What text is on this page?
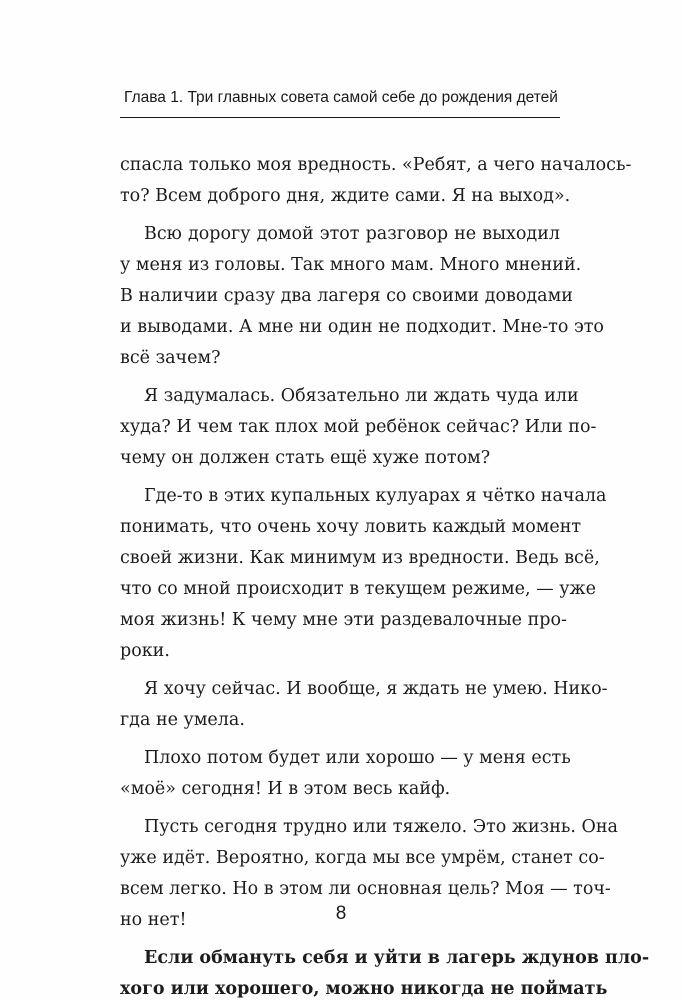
Глава 1. Три главных совета самой себе до рождения детей
спасла только моя вредность. «Ребят, а чего началось-
то? Всем доброго дня, ждите сами. Я на выход».
Всю дорогу домой этот разговор не выходил
у меня из головы. Так много мам. Много мнений.
В наличии сразу два лагеря со своими доводами
и выводами. А мне ни один не подходит. Мне-то это
всё зачем?
Я задумалась. Обязательно ли ждать чуда или
худа? И чем так плох мой ребёнок сейчас? Или по-
чему он должен стать ещё хуже потом?
Где-то в этих купальных кулуарах я чётко начала
понимать, что очень хочу ловить каждый момент
своей жизни. Как минимум из вредности. Ведь всё,
что со мной происходит в текущем режиме, — уже
моя жизнь! К чему мне эти раздевалочные про-
роки.
Я хочу сейчас. И вообще, я ждать не умею. Нико-
гда не умела.
Плохо потом будет или хорошо — у меня есть
«моё» сегодня! И в этом весь кайф.
Пусть сегодня трудно или тяжело. Это жизнь. Она
уже идёт. Вероятно, когда мы все умрём, станет со-
всем легко. Но в этом ли основная цель? Моя — точ-
но нет!
Если обмануть себя и уйти в лагерь ждунов пло-
хого или хорошего, можно никогда не поймать
8
